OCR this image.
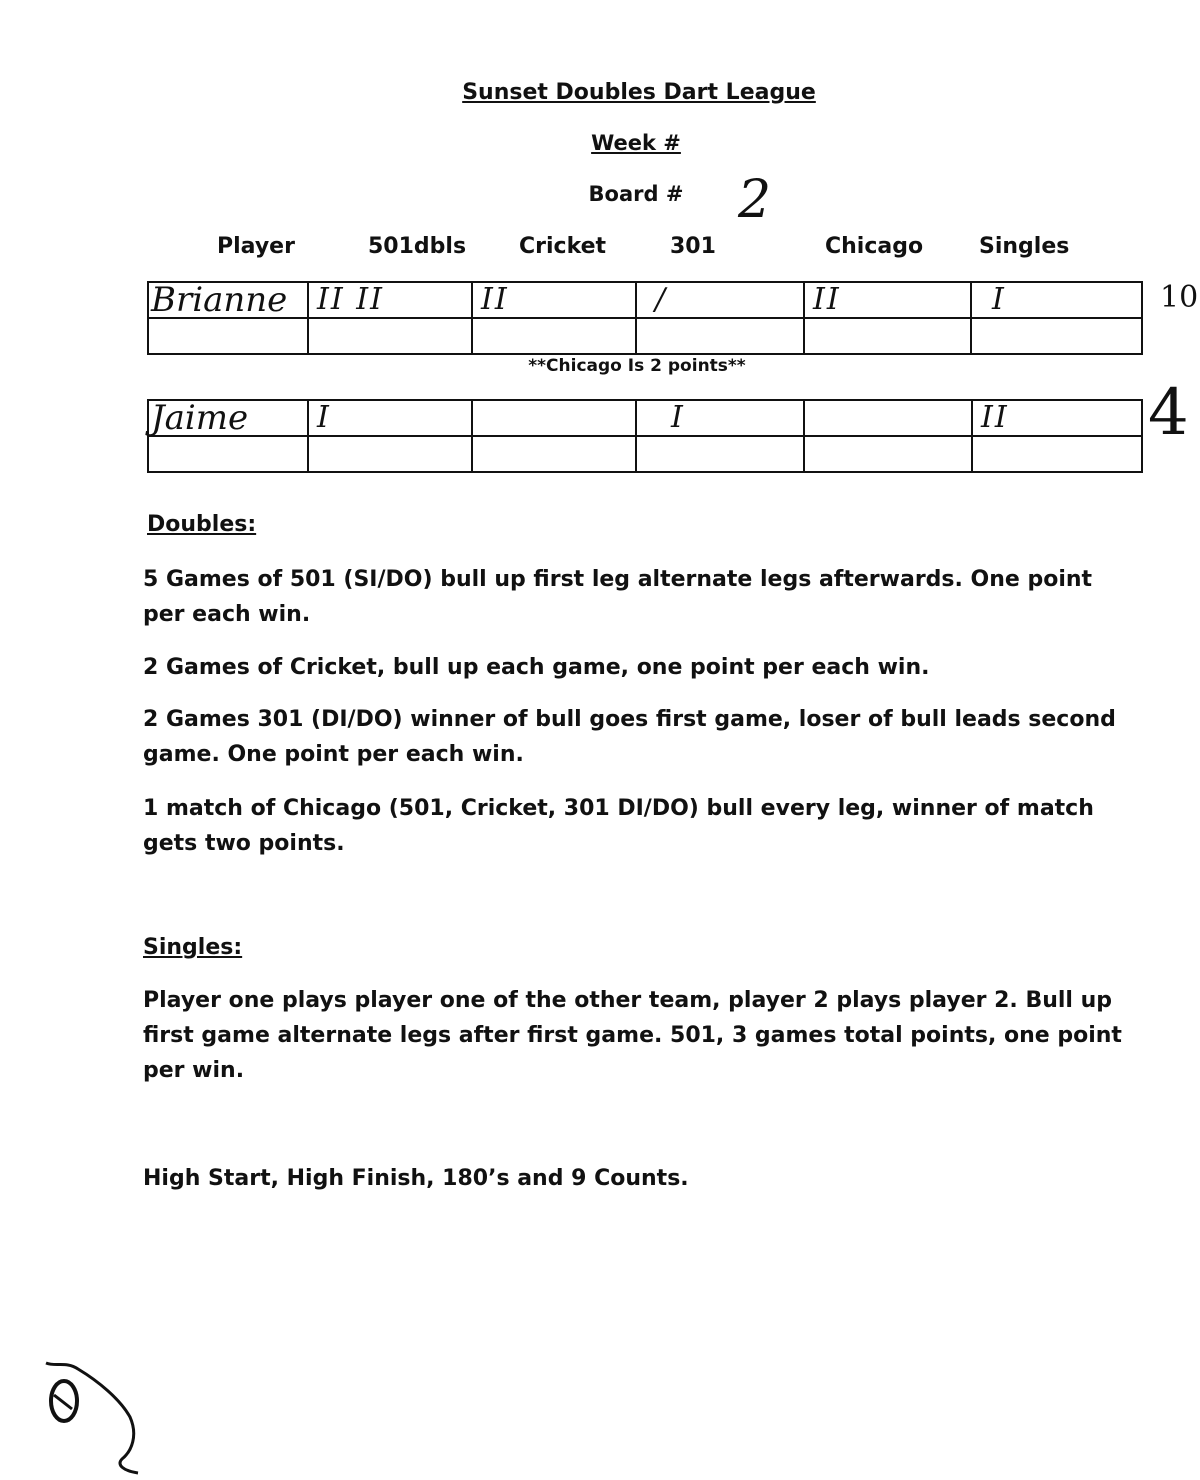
Sunset Doubles Dart League
Week #
Board #	2
Player	501dbls Cricket	301	Chicago	Singles
Brianne	II II	II	/	II	I

						10
**Chicago Is 2 points**
Jaime	I		I		II

					4
Doubles:
5 Games of 501 (SI/DO) bull up first leg alternate legs afterwards. One point per each win.
2 Games of Cricket, bull up each game, one point per each win.
2 Games 301 (DI/DO) winner of bull goes first game, loser of bull leads second game. One point per each win.
1 match of Chicago (501, Cricket, 301 DI/DO) bull every leg, winner of match gets two points.
Singles:
Player one plays player one of the other team, player 2 plays player 2. Bull up first game alternate legs after first game. 501, 3 games total points, one point per win.
High Start, High Finish, 180’s and 9 Counts.
